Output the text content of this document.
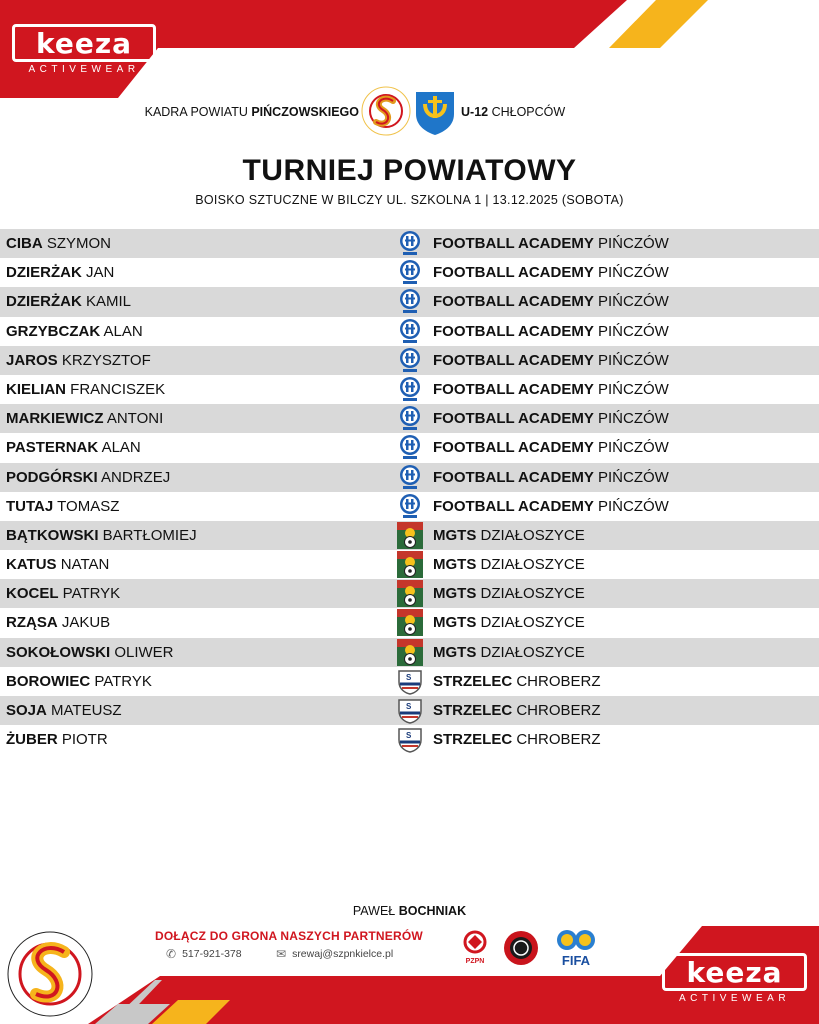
keeza
ACTIVEWEAR
KADRA POWIATU PIŃCZOWSKIEGO	U-12 CHŁOPCÓW
TURNIEJ POWIATOWY
BOISKO SZTUCZNE W BILCZY UL. SZKOLNA 1 | 13.12.2025 (SOBOTA)
CIBA SZYMON	FOOTBALL ACADEMY PIŃCZÓW
DZIERŻAK JAN	FOOTBALL ACADEMY PIŃCZÓW
DZIERŻAK KAMIL	FOOTBALL ACADEMY PIŃCZÓW
GRZYBCZAK ALAN	FOOTBALL ACADEMY PIŃCZÓW
JAROS KRZYSZTOF	FOOTBALL ACADEMY PIŃCZÓW
KIELIAN FRANCISZEK	FOOTBALL ACADEMY PIŃCZÓW
MARKIEWICZ ANTONI	FOOTBALL ACADEMY PIŃCZÓW
PASTERNAK ALAN	FOOTBALL ACADEMY PIŃCZÓW
PODGÓRSKI ANDRZEJ	FOOTBALL ACADEMY PIŃCZÓW
TUTAJ TOMASZ	FOOTBALL ACADEMY PIŃCZÓW
BĄTKOWSKI BARTŁOMIEJ	MGTS DZIAŁOSZYCE
KATUS NATAN	MGTS DZIAŁOSZYCE
KOCEL PATRYK	MGTS DZIAŁOSZYCE
RZĄSA JAKUB	MGTS DZIAŁOSZYCE
SOKOŁOWSKI OLIWER	MGTS DZIAŁOSZYCE
BOROWIEC PATRYK	S STRZELEC CHROBERZ
SOJA MATEUSZ	S STRZELEC CHROBERZ
ŻUBER PIOTR	S STRZELEC CHROBERZ
PAWEŁ BOCHNIAK
DOŁĄCZ DO GRONA NASZYCH PARTNERÓW
✆ 517-921-378	✉ srewaj@szpnkielce.pl
PZPN	FIFA	keeza
ACTIVEWEAR
